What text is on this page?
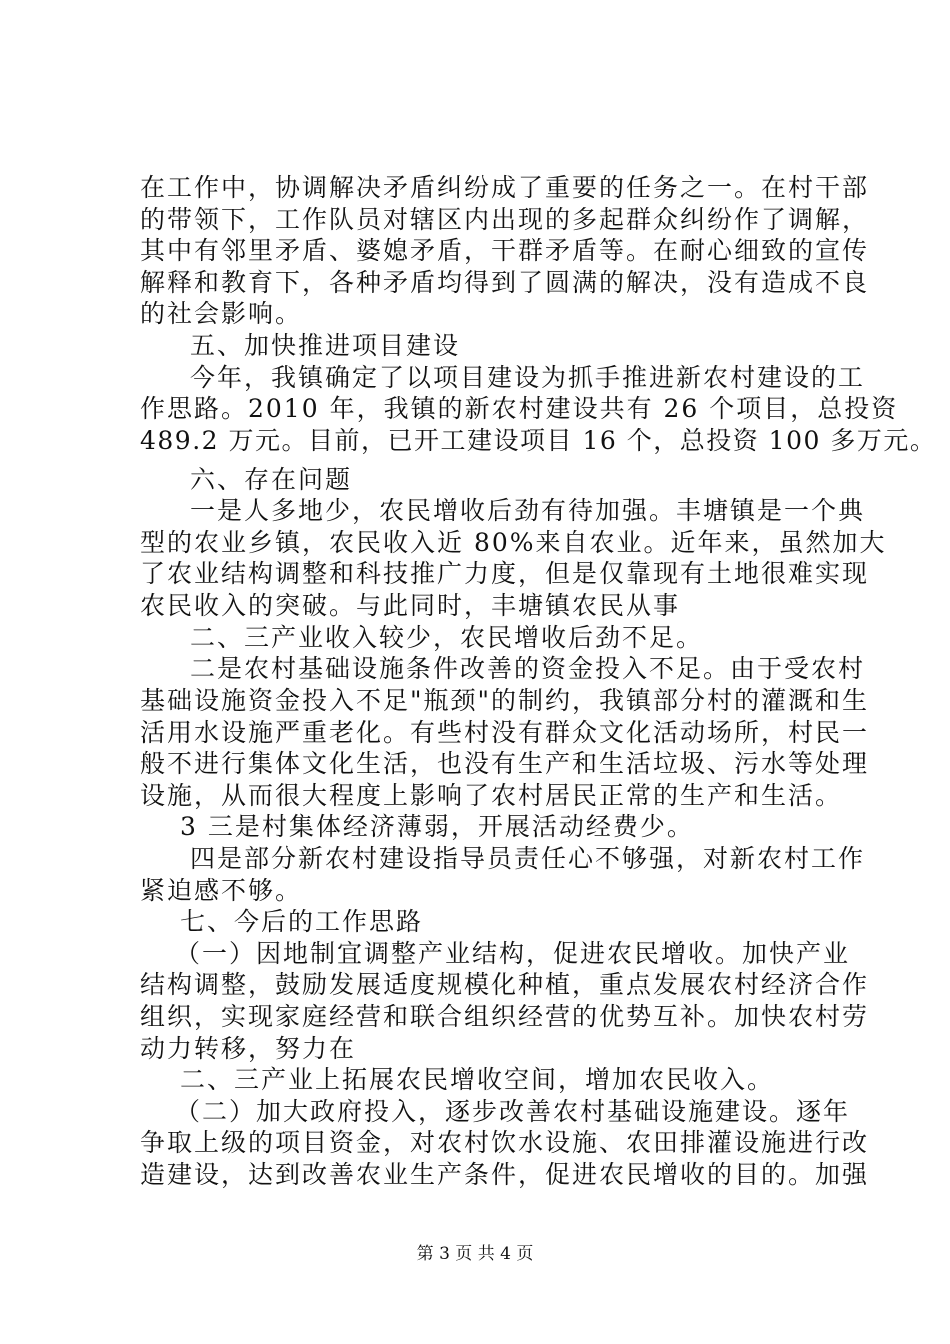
在工作中，协调解决矛盾纠纷成了重要的任务之一。在村干部
的带领下，工作队员对辖区内出现的多起群众纠纷作了调解，
其中有邻里矛盾、婆媳矛盾，干群矛盾等。在耐心细致的宣传
解释和教育下，各种矛盾均得到了圆满的解决，没有造成不良
的社会影响。
五、加快推进项目建设
今年，我镇确定了以项目建设为抓手推进新农村建设的工
作思路。2010 年，我镇的新农村建设共有 26 个项目，总投资
489.2 万元。目前，已开工建设项目 16 个，总投资 100 多万元。
六、存在问题
一是人多地少，农民增收后劲有待加强。丰塘镇是一个典
型的农业乡镇，农民收入近 80%来自农业。近年来，虽然加大
了农业结构调整和科技推广力度，但是仅靠现有土地很难实现
农民收入的突破。与此同时，丰塘镇农民从事
二、三产业收入较少，农民增收后劲不足。
二是农村基础设施条件改善的资金投入不足。由于受农村
基础设施资金投入不足"瓶颈"的制约，我镇部分村的灌溉和生
活用水设施严重老化。有些村没有群众文化活动场所，村民一
般不进行集体文化生活，也没有生产和生活垃圾、污水等处理
设施，从而很大程度上影响了农村居民正常的生产和生活。
3 三是村集体经济薄弱，开展活动经费少。
四是部分新农村建设指导员责任心不够强，对新农村工作
紧迫感不够。
七、今后的工作思路
（一）因地制宜调整产业结构，促进农民增收。加快产业
结构调整，鼓励发展适度规模化种植，重点发展农村经济合作
组织，实现家庭经营和联合组织经营的优势互补。加快农村劳
动力转移，努力在
二、三产业上拓展农民增收空间，增加农民收入。
（二）加大政府投入，逐步改善农村基础设施建设。逐年
争取上级的项目资金，对农村饮水设施、农田排灌设施进行改
造建设，达到改善农业生产条件，促进农民增收的目的。加强
第 3 页 共 4 页
